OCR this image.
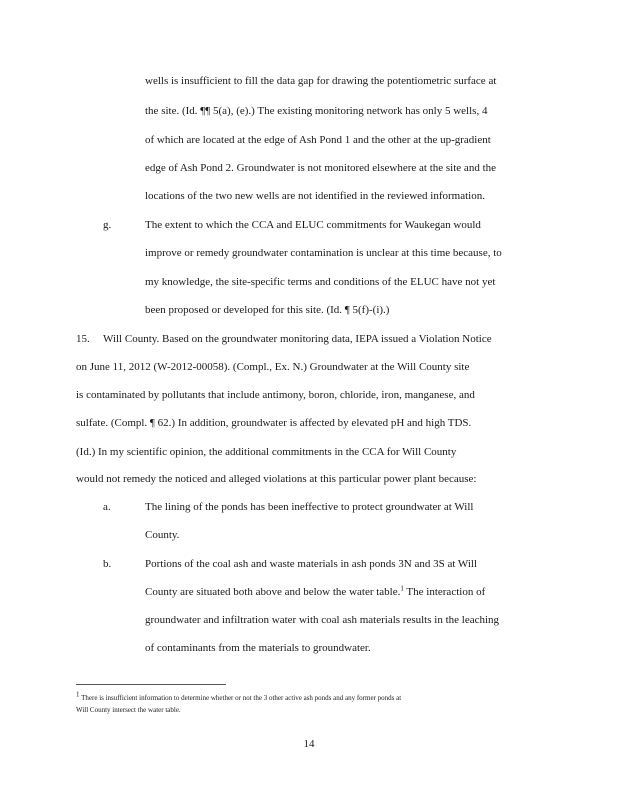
wells is insufficient to fill the data gap for drawing the potentiometric surface at
the site. (Id. ¶¶ 5(a), (e).) The existing monitoring network has only 5 wells, 4
of which are located at the edge of Ash Pond 1 and the other at the up-gradient
edge of Ash Pond 2. Groundwater is not monitored elsewhere at the site and the
locations of the two new wells are not identified in the reviewed information.
g.	The extent to which the CCA and ELUC commitments for Waukegan would
improve or remedy groundwater contamination is unclear at this time because, to
my knowledge, the site-specific terms and conditions of the ELUC have not yet
been proposed or developed for this site. (Id. ¶ 5(f)-(i).)
15. Will County. Based on the groundwater monitoring data, IEPA issued a Violation Notice
on June 11, 2012 (W-2012-00058). (Compl., Ex. N.) Groundwater at the Will County site
is contaminated by pollutants that include antimony, boron, chloride, iron, manganese, and
sulfate. (Compl. ¶ 62.) In addition, groundwater is affected by elevated pH and high TDS.
(Id.) In my scientific opinion, the additional commitments in the CCA for Will County
would not remedy the noticed and alleged violations at this particular power plant because:
a.	The lining of the ponds has been ineffective to protect groundwater at Will
County.
b.	Portions of the coal ash and waste materials in ash ponds 3N and 3S at Will
County are situated both above and below the water table.$^1$ The interaction of
groundwater and infiltration water with coal ash materials results in the leaching
of contaminants from the materials to groundwater.
$^1$ There is insufficient information to determine whether or not the 3 other active ash ponds and any former ponds at
Will County intersect the water table.
14
